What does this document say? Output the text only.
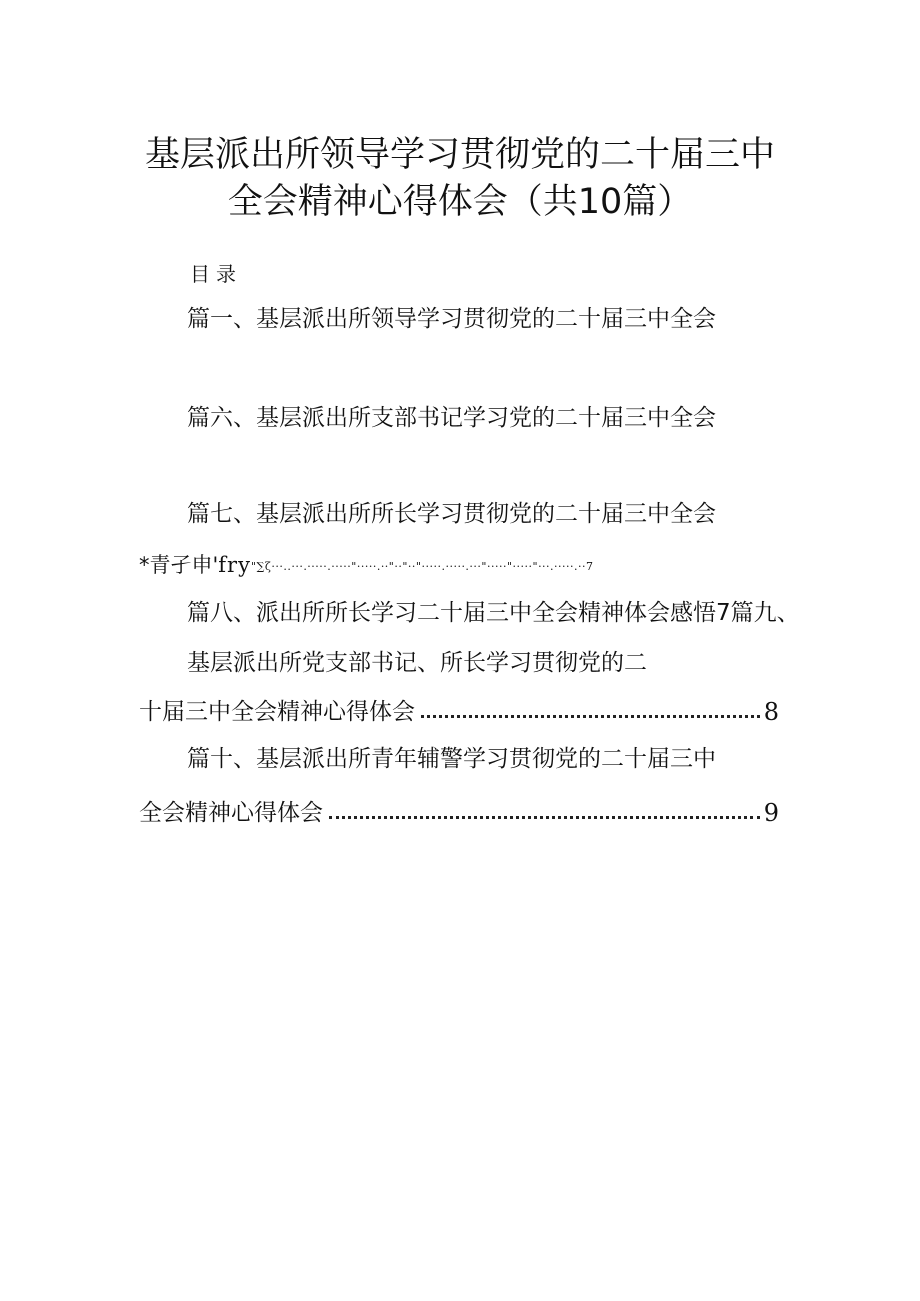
基层派出所领导学习贯彻党的二十届三中
全会精神心得体会（共10篇）
目录
篇一、基层派出所领导学习贯彻党的二十届三中全会
篇六、基层派出所支部书记学习党的二十届三中全会
篇七、基层派出所所长学习贯彻党的二十届三中全会
*青孑申'fry"∑ζ···..···.·····.·····"·····.··"··"··"·····.·····.···"·····"·····"···.·····.··7
篇八、派出所所长学习二十届三中全会精神体会感悟7篇九、
基层派出所党支部书记、所长学习贯彻党的二
十届三中全会精神心得体会	8
篇十、基层派出所青年辅警学习贯彻党的二十届三中
全会精神心得体会	9
